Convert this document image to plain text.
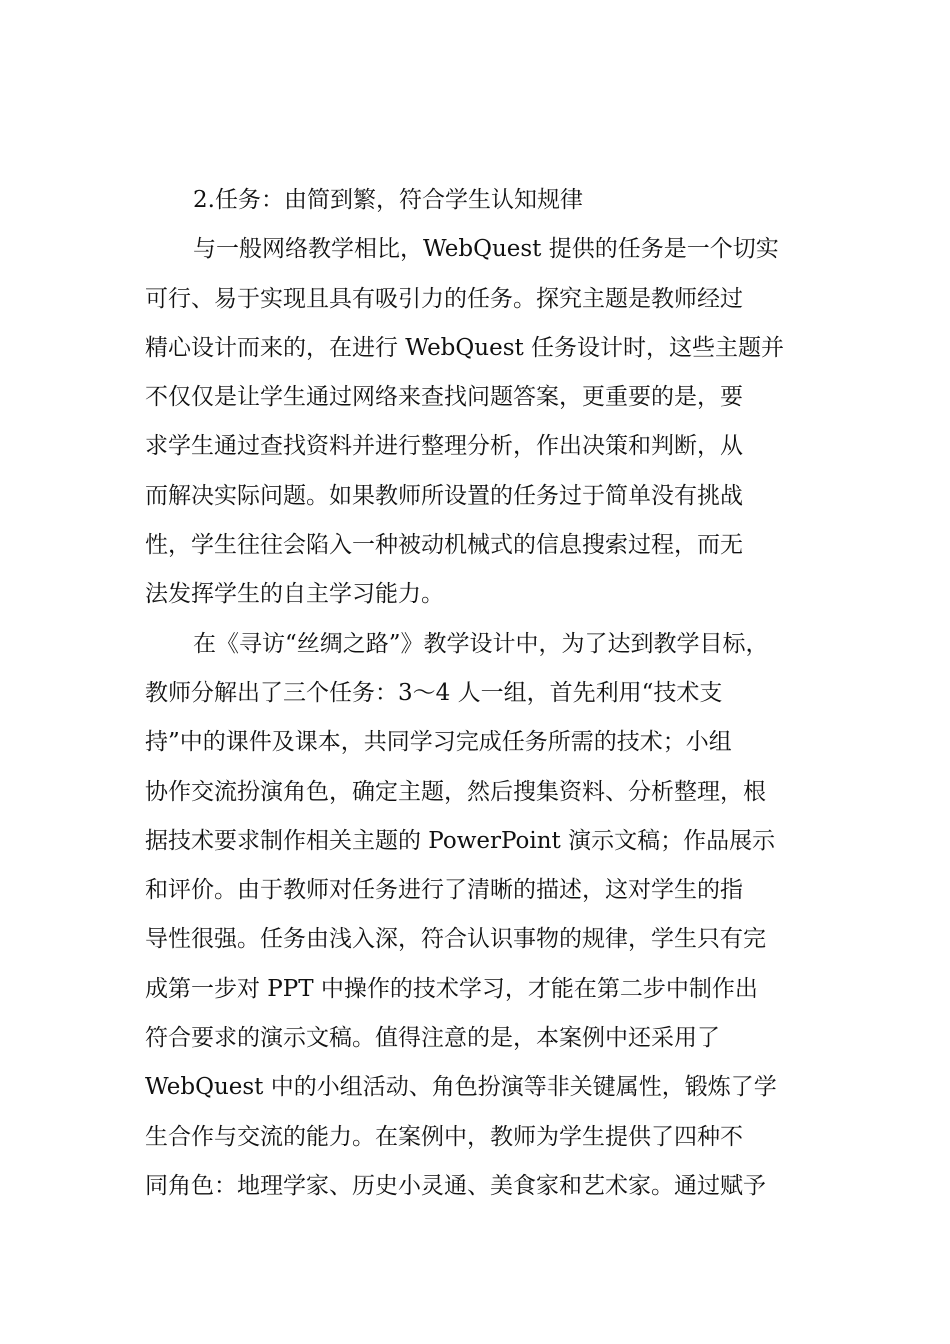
2.任务：由简到繁，符合学生认知规律
与一般网络教学相比，WebQuest 提供的任务是一个切实
可行、易于实现且具有吸引力的任务。探究主题是教师经过
精心设计而来的，在进行 WebQuest 任务设计时，这些主题并
不仅仅是让学生通过网络来查找问题答案，更重要的是，要
求学生通过查找资料并进行整理分析，作出决策和判断，从
而解决实际问题。如果教师所设置的任务过于简单没有挑战
性，学生往往会陷入一种被动机械式的信息搜索过程，而无
法发挥学生的自主学习能力。
在《寻访“丝绸之路”》教学设计中，为了达到教学目标，
教师分解出了三个任务：3～4 人一组，首先利用“技术支
持”中的课件及课本，共同学习完成任务所需的技术；小组
协作交流扮演角色，确定主题，然后搜集资料、分析整理，根
据技术要求制作相关主题的 PowerPoint 演示文稿；作品展示
和评价。由于教师对任务进行了清晰的描述，这对学生的指
导性很强。任务由浅入深，符合认识事物的规律，学生只有完
成第一步对 PPT 中操作的技术学习，才能在第二步中制作出
符合要求的演示文稿。值得注意的是，本案例中还采用了
WebQuest 中的小组活动、角色扮演等非关键属性，锻炼了学
生合作与交流的能力。在案例中，教师为学生提供了四种不
同角色：地理学家、历史小灵通、美食家和艺术家。通过赋予
